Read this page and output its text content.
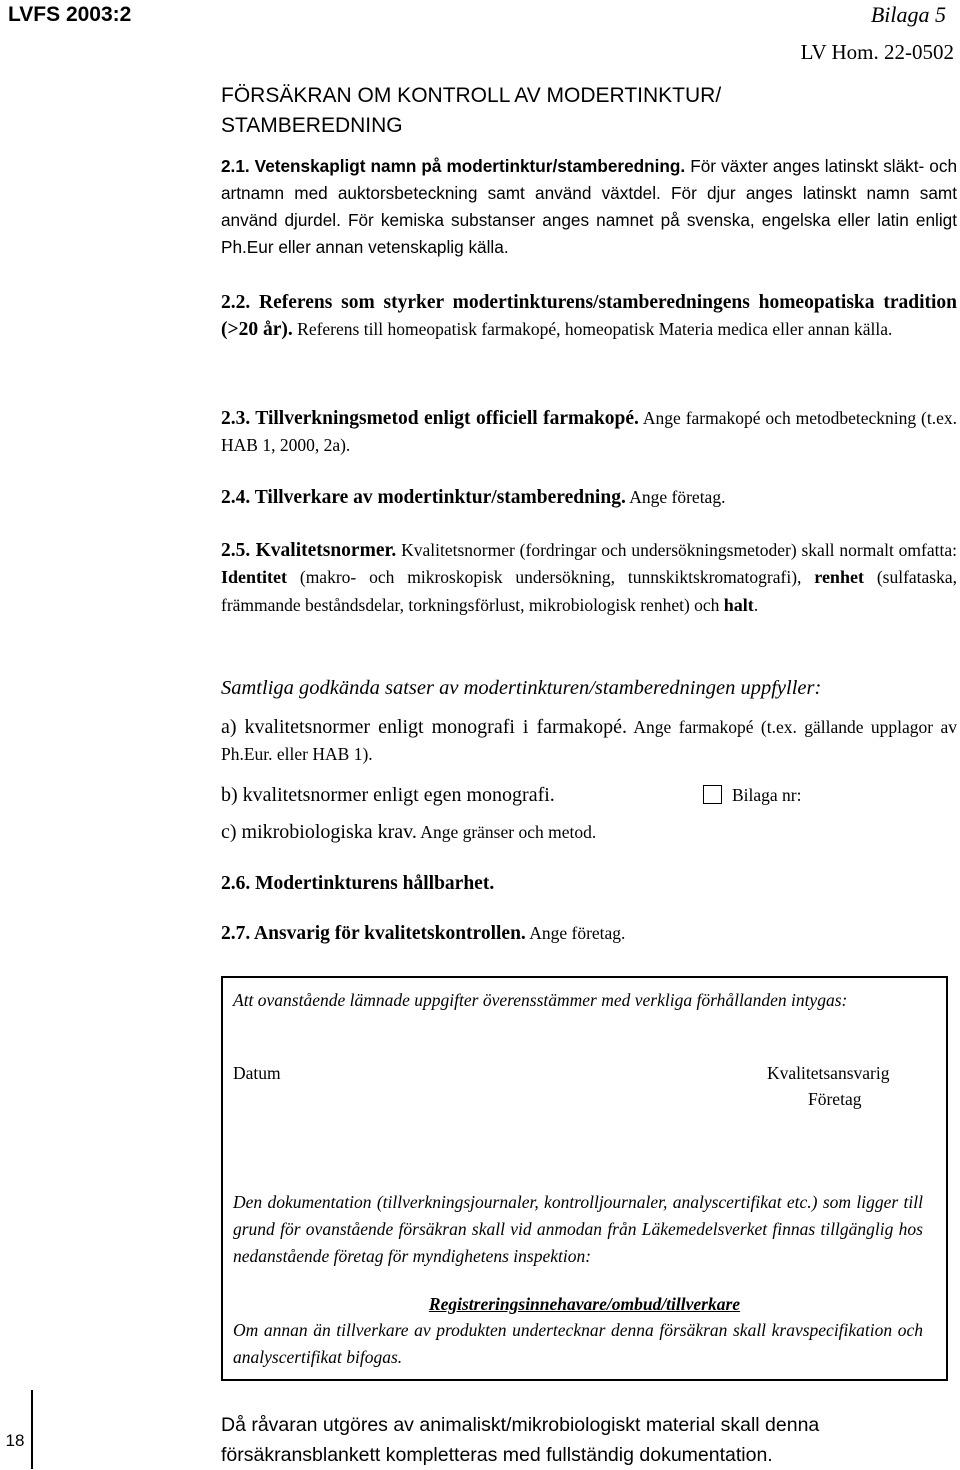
LVFS 2003:2	Bilaga 5
LV Hom. 22-0502
FÖRSÄKRAN OM KONTROLL AV MODERTINKTUR/
STAMBEREDNING
2.1. Vetenskapligt namn på modertinktur/stamberedning. För växter anges latinskt släkt- och artnamn med auktorsbeteckning samt använd växtdel. För djur anges latinskt namn samt använd djurdel. För kemiska substanser anges namnet på svenska, engelska eller latin enligt Ph.Eur eller annan vetenskaplig källa.
2.2. Referens som styrker modertinkturens/stamberedningens homeopatiska tradition (>20 år). Referens till homeopatisk farmakopé, homeopatisk Materia medica eller annan källa.
2.3. Tillverkningsmetod enligt officiell farmakopé. Ange farmakopé och metodbeteckning (t.ex. HAB 1, 2000, 2a).
2.4. Tillverkare av modertinktur/stamberedning. Ange företag.
2.5. Kvalitetsnormer. Kvalitetsnormer (fordringar och undersökningsmetoder) skall normalt omfatta: Identitet (makro- och mikroskopisk undersökning, tunnskiktskromatografi), renhet (sulfataska, främmande beståndsdelar, torkningsförlust, mikrobiologisk renhet) och halt.
Samtliga godkända satser av modertinkturen/stamberedningen uppfyller:
a) kvalitetsnormer enligt monografi i farmakopé. Ange farmakopé (t.ex. gällande upplagor av Ph.Eur. eller HAB 1).
b) kvalitetsnormer enligt egen monografi.	Bilaga nr:
c) mikrobiologiska krav. Ange gränser och metod.
2.6. Modertinkturens hållbarhet.
2.7. Ansvarig för kvalitetskontrollen. Ange företag.
Att ovanstående lämnade uppgifter överensstämmer med verkliga förhållanden intygas:
Datum	Kvalitetsansvarig
Företag
Den dokumentation (tillverkningsjournaler, kontrolljournaler, analyscertifikat etc.) som ligger till grund för ovanstående försäkran skall vid anmodan från Läkemedelsverket finnas tillgänglig hos nedanstående företag för myndighetens inspektion:
Registreringsinnehavare/ombud/tillverkare
Om annan än tillverkare av produkten undertecknar denna försäkran skall kravspecifikation och analyscertifikat bifogas.
18
Då råvaran utgöres av animaliskt/mikrobiologiskt material skall denna försäkransblankett kompletteras med fullständig dokumentation.
